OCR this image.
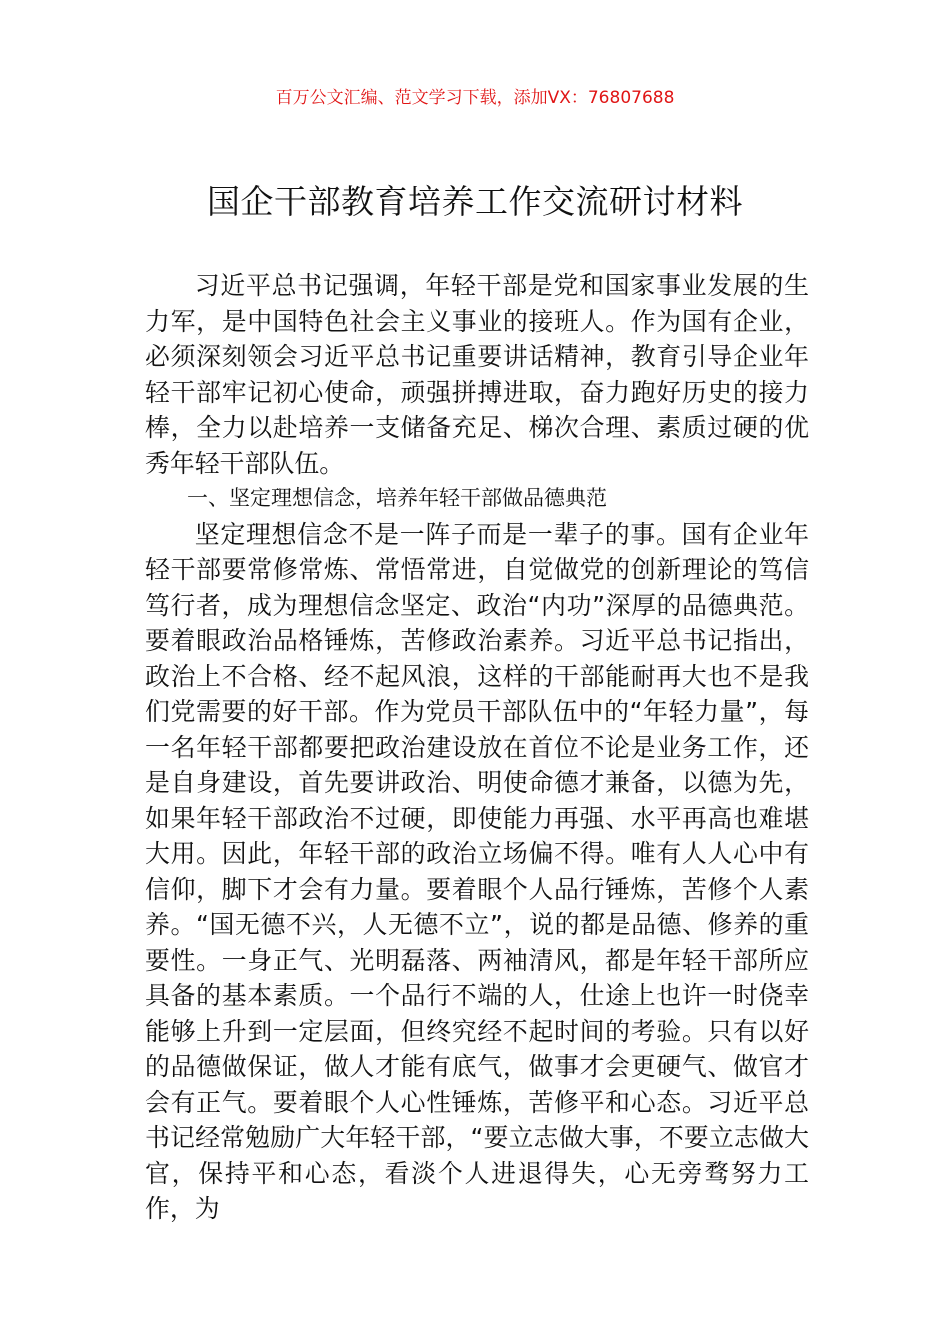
百万公文汇编、范文学习下载，添加VX：76807688

国企干部教育培养工作交流研讨材料

习近平总书记强调，年轻干部是党和国家事业发展的生力军，是中国特色社会主义事业的接班人。作为国有企业，必须深刻领会习近平总书记重要讲话精神，教育引导企业年轻干部牢记初心使命，顽强拼搏进取，奋力跑好历史的接力棒，全力以赴培养一支储备充足、梯次合理、素质过硬的优秀年轻干部队伍。

一、坚定理想信念，培养年轻干部做品德典范

坚定理想信念不是一阵子而是一辈子的事。国有企业年轻干部要常修常炼、常悟常进，自觉做党的创新理论的笃信笃行者，成为理想信念坚定、政治“内功”深厚的品德典范。要着眼政治品格锤炼，苦修政治素养。习近平总书记指出，政治上不合格、经不起风浪，这样的干部能耐再大也不是我们党需要的好干部。作为党员干部队伍中的“年轻力量”，每一名年轻干部都要把政治建设放在首位不论是业务工作，还是自身建设，首先要讲政治、明使命德才兼备，以德为先，如果年轻干部政治不过硬，即使能力再强、水平再高也难堪大用。因此，年轻干部的政治立场偏不得。唯有人人心中有信仰，脚下才会有力量。要着眼个人品行锤炼，苦修个人素养。“国无德不兴，人无德不立”，说的都是品德、修养的重要性。一身正气、光明磊落、两袖清风，都是年轻干部所应具备的基本素质。一个品行不端的人，仕途上也许一时侥幸能够上升到一定层面，但终究经不起时间的考验。只有以好的品德做保证，做人才能有底气，做事才会更硬气、做官才会有正气。要着眼个人心性锤炼，苦修平和心态。习近平总书记经常勉励广大年轻干部，“要立志做大事，不要立志做大官，保持平和心态，看淡个人进退得失，心无旁骛努力工作，为
